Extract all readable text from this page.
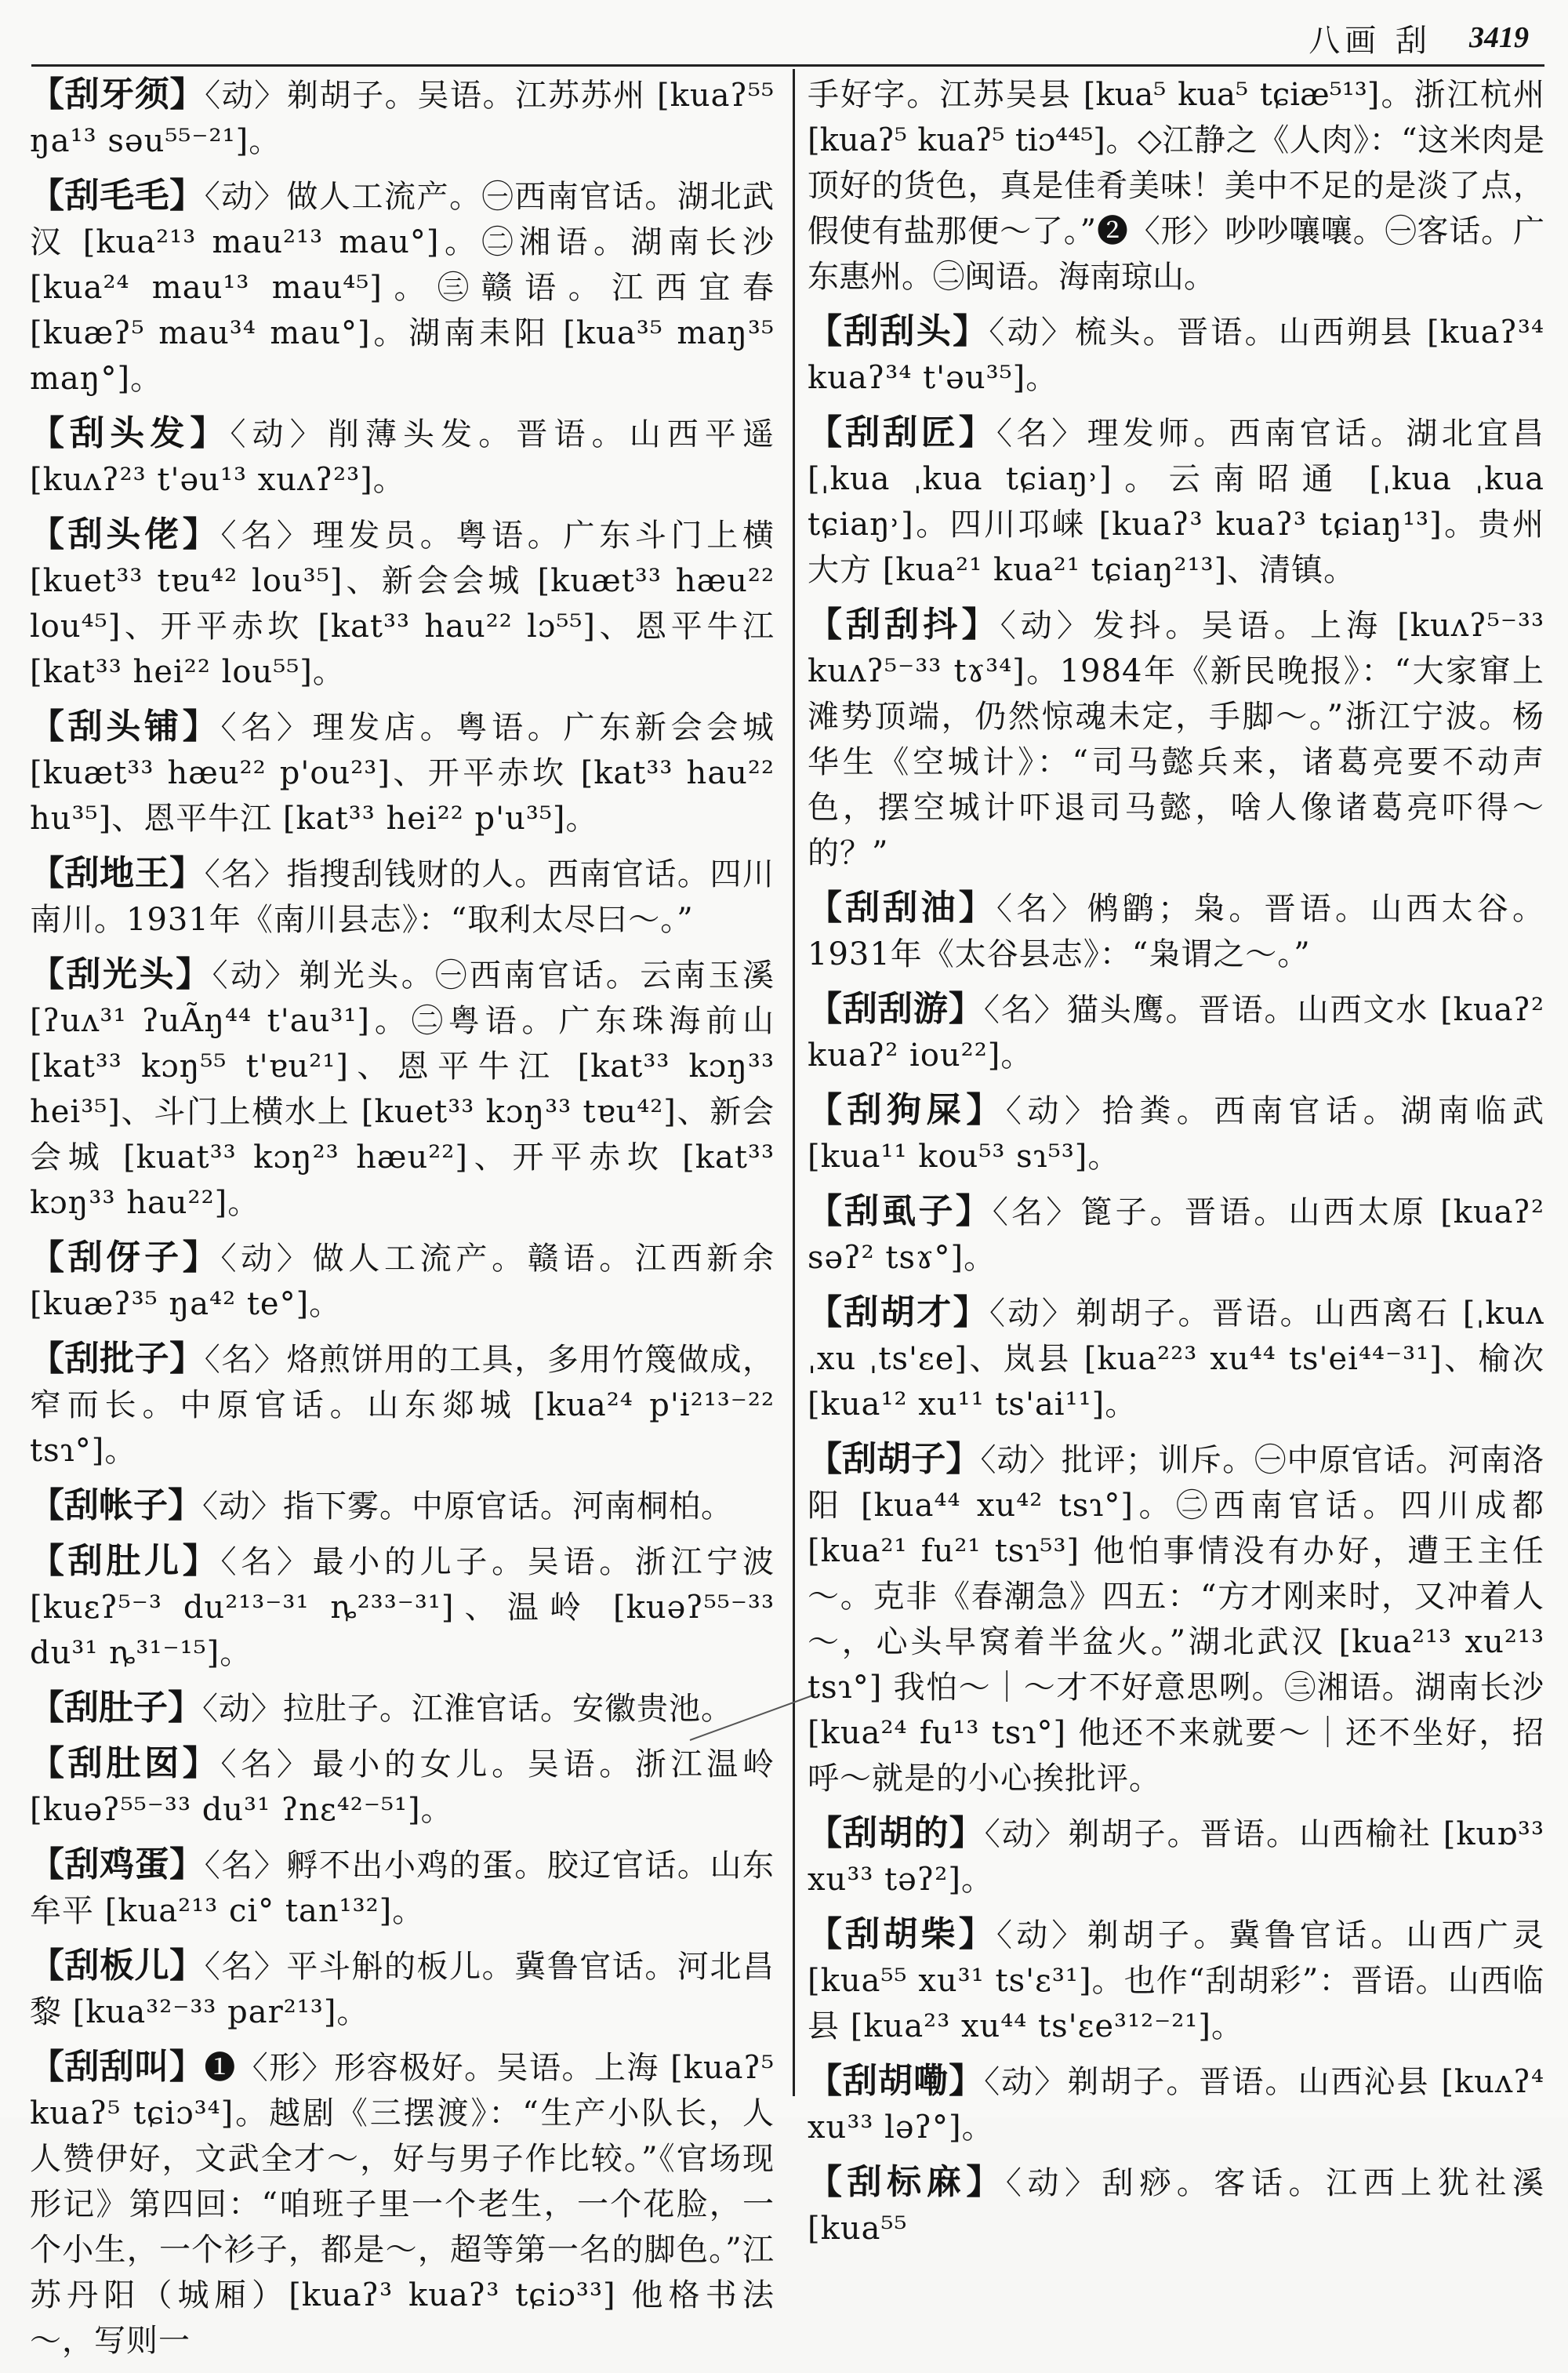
八画 刮 3419

【刮牙须】〈动〉剃胡子。吴语。江苏苏州 [kuaʔ⁵⁵ ŋa¹³ səu⁵⁵⁻²¹]。

【刮毛毛】〈动〉做人工流产。㊀西南官话。湖北武汉 [kua²¹³ mau²¹³ mau°]。㊁湘语。湖南长沙 [kua²⁴ mau¹³ mau⁴⁵]。㊂赣语。江西宜春 [kuæʔ⁵ mau³⁴ mau°]。湖南耒阳 [kua³⁵ maŋ³⁵ maŋ°]。

【刮头发】〈动〉削薄头发。晋语。山西平遥 [kuʌʔ²³ t'əu¹³ xuʌʔ²³]。

【刮头佬】〈名〉理发员。粤语。广东斗门上横 [kuet³³ tɐu⁴² lou³⁵]、新会会城 [kuæt³³ hæu²² lou⁴⁵]、开平赤坎 [kat³³ hau²² lɔ⁵⁵]、恩平牛江 [kat³³ hei²² lou⁵⁵]。

【刮头铺】〈名〉理发店。粤语。广东新会会城 [kuæt³³ hæu²² p'ou²³]、开平赤坎 [kat³³ hau²² hu³⁵]、恩平牛江 [kat³³ hei²² p'u³⁵]。

【刮地王】〈名〉指搜刮钱财的人。西南官话。四川南川。1931年《南川县志》：“取利太尽曰～。”

【刮光头】〈动〉剃光头。㊀西南官话。云南玉溪 [ʔuʌ³¹ ʔuÃŋ⁴⁴ t'au³¹]。㊁粤语。广东珠海前山 [kat³³ kɔŋ⁵⁵ t'ɐu²¹]、恩平牛江 [kat³³ kɔŋ³³ hei³⁵]、斗门上横水上 [kuet³³ kɔŋ³³ tɐu⁴²]、新会会城 [kuat³³ kɔŋ²³ hæu²²]、开平赤坎 [kat³³ kɔŋ³³ hau²²]。

【刮伢子】〈动〉做人工流产。赣语。江西新余 [kuæʔ³⁵ ŋa⁴² te°]。

【刮批子】〈名〉烙煎饼用的工具，多用竹篾做成，窄而长。中原官话。山东郯城 [kua²⁴ p'i²¹³⁻²² tsɿ°]。

【刮帐子】〈动〉指下雾。中原官话。河南桐柏。

【刮肚儿】〈名〉最小的儿子。吴语。浙江宁波 [kuɛʔ⁵⁻³ du²¹³⁻³¹ ȵ²³³⁻³¹]、温岭 [kuəʔ⁵⁵⁻³³ du³¹ ȵ³¹⁻¹⁵]。

【刮肚子】〈动〉拉肚子。江淮官话。安徽贵池。

【刮肚囡】〈名〉最小的女儿。吴语。浙江温岭 [kuəʔ⁵⁵⁻³³ du³¹ ʔnɛ⁴²⁻⁵¹]。

【刮鸡蛋】〈名〉孵不出小鸡的蛋。胶辽官话。山东牟平 [kua²¹³ ci° tan¹³²]。

【刮板儿】〈名〉平斗斛的板儿。冀鲁官话。河北昌黎 [kua³²⁻³³ par²¹³]。

【刮刮叫】❶〈形〉形容极好。吴语。上海 [kuaʔ⁵ kuaʔ⁵ tɕiɔ³⁴]。越剧《三摆渡》：“生产小队长，人人赞伊好，文武全才～，好与男子作比较。”《官场现形记》第四回：“咱班子里一个老生，一个花脸，一个小生，一个衫子，都是～，超等第一名的脚色。”江苏丹阳（城厢）[kuaʔ³ kuaʔ³ tɕiɔ³³] 他格书法～，写则一

手好字。江苏吴县 [kua⁵ kua⁵ tɕiæ⁵¹³]。浙江杭州 [kuaʔ⁵ kuaʔ⁵ tiɔ⁴⁴⁵]。◇江静之《人肉》：“这米肉是顶好的货色，真是佳肴美味！美中不足的是淡了点，假使有盐那便～了。”❷〈形〉吵吵嚷嚷。㊀客话。广东惠州。㊁闽语。海南琼山。

【刮刮头】〈动〉梳头。晋语。山西朔县 [kuaʔ³⁴ kuaʔ³⁴ t'əu³⁵]。

【刮刮匠】〈名〉理发师。西南官话。湖北宜昌 [ˌkua ˌkua tɕiaŋ˒]。云南昭通 [ˌkua ˌkua tɕiaŋ˒]。四川邛崃 [kuaʔ³ kuaʔ³ tɕiaŋ¹³]。贵州大方 [kua²¹ kua²¹ tɕiaŋ²¹³]、清镇。

【刮刮抖】〈动〉发抖。吴语。上海 [kuʌʔ⁵⁻³³ kuʌʔ⁵⁻³³ tɤ³⁴]。1984年《新民晚报》：“大家窜上滩势顶端，仍然惊魂未定，手脚～。”浙江宁波。杨华生《空城计》：“司马懿兵来，诸葛亮要不动声色，摆空城计吓退司马懿，啥人像诸葛亮吓得～的？”

【刮刮油】〈名〉鸺鹠；枭。晋语。山西太谷。1931年《太谷县志》：“枭谓之～。”

【刮刮游】〈名〉猫头鹰。晋语。山西文水 [kuaʔ² kuaʔ² iou²²]。

【刮狗屎】〈动〉拾粪。西南官话。湖南临武 [kua¹¹ kou⁵³ sɿ⁵³]。

【刮虱子】〈名〉篦子。晋语。山西太原 [kuaʔ² səʔ² tsɤ°]。

【刮胡才】〈动〉剃胡子。晋语。山西离石 [ˌkuʌ ˌxu ˌts'ɛe]、岚县 [kua²²³ xu⁴⁴ ts'ei⁴⁴⁻³¹]、榆次 [kua¹² xu¹¹ ts'ai¹¹]。

【刮胡子】〈动〉批评；训斥。㊀中原官话。河南洛阳 [kua⁴⁴ xu⁴² tsɿ°]。㊁西南官话。四川成都 [kua²¹ fu²¹ tsɿ⁵³] 他怕事情没有办好，遭王主任～。克非《春潮急》四五：“方才刚来时，又冲着人～，心头早窝着半盆火。”湖北武汉 [kua²¹³ xu²¹³ tsɿ°] 我怕～｜～才不好意思咧。㊂湘语。湖南长沙 [kua²⁴ fu¹³ tsɿ°] 他还不来就要～｜还不坐好，招呼～就是的小心挨批评。

【刮胡的】〈动〉剃胡子。晋语。山西榆社 [kuɒ³³ xu³³ təʔ²]。

【刮胡柴】〈动〉剃胡子。冀鲁官话。山西广灵 [kua⁵⁵ xu³¹ ts'ɛ³¹]。也作“刮胡彩”：晋语。山西临县 [kua²³ xu⁴⁴ ts'ɛe³¹²⁻²¹]。

【刮胡嘞】〈动〉剃胡子。晋语。山西沁县 [kuʌʔ⁴ xu³³ ləʔ°]。

【刮标麻】〈动〉刮痧。客话。江西上犹社溪 [kua⁵⁵
